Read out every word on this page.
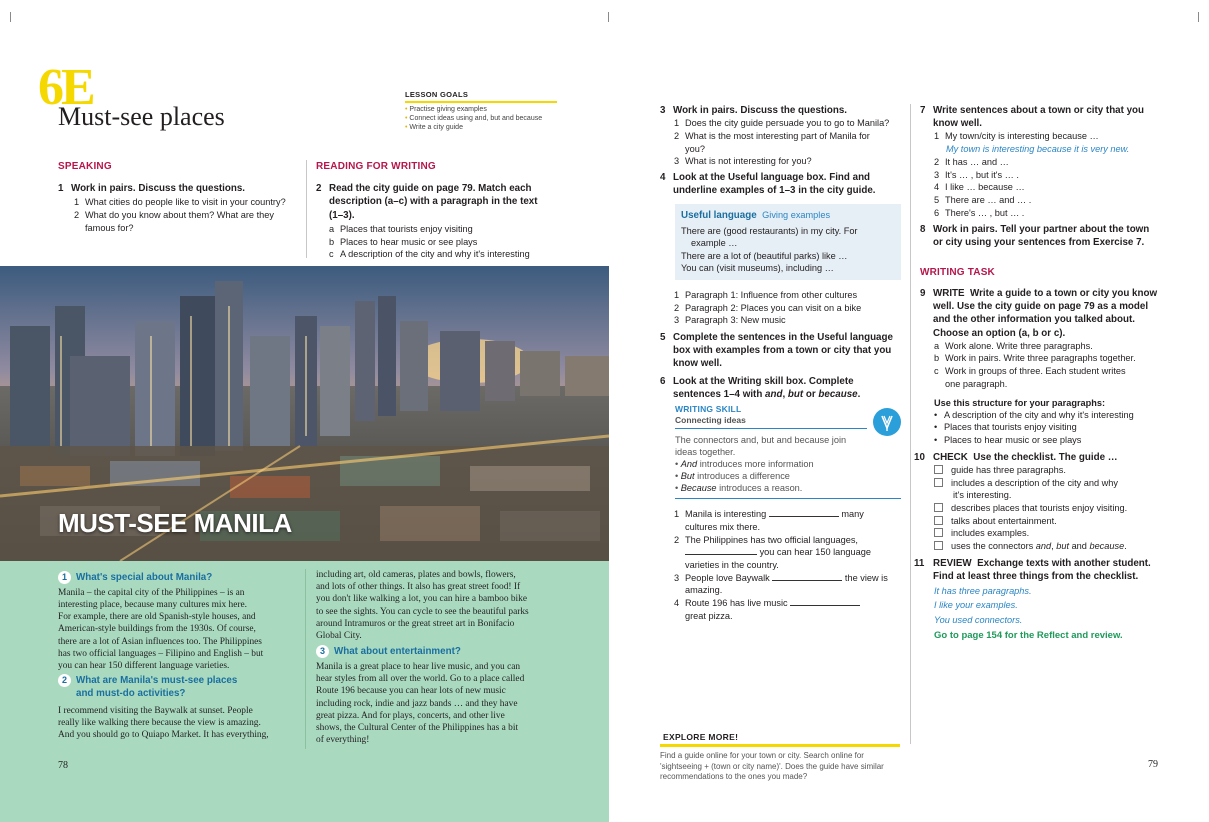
6E
Must-see places
LESSON GOALS
• Practise giving examples
• Connect ideas using and, but and because
• Write a city guide
SPEAKING
1 Work in pairs. Discuss the questions.
1 What cities do people like to visit in your country?
2 What do you know about them? What are they
famous for?
READING FOR WRITING
2 Read the city guide on page 79. Match each
description (a–c) with a paragraph in the text
(1–3).
a Places that tourists enjoy visiting
b Places to hear music or see plays
c A description of the city and why it's interesting
MUST-SEE MANILA
1 What's special about Manila?
Manila – the capital city of the Philippines – is an
interesting place, because many cultures mix here.
For example, there are old Spanish-style houses, and
American-style buildings from the 1930s. Of course,
there are a lot of Asian influences too. The Philippines
has two official languages – Filipino and English – but
you can hear 150 different language varieties.
2 What are Manila's must-see places
and must-do activities?
I recommend visiting the Baywalk at sunset. People
really like walking there because the view is amazing.
And you should go to Quiapo Market. It has everything,
including art, old cameras, plates and bowls, flowers,
and lots of other things. It also has great street food! If
you don't like walking a lot, you can hire a bamboo bike
to see the sights. You can cycle to see the beautiful parks
around Intramuros or the great street art in Bonifacio
Global City.
3 What about entertainment?
Manila is a great place to hear live music, and you can
hear styles from all over the world. Go to a place called
Route 196 because you can hear lots of new music
including rock, indie and jazz bands … and they have
great pizza. And for plays, concerts, and other live
shows, the Cultural Center of the Philippines has a bit
of everything!
78
3 Work in pairs. Discuss the questions.
1 Does the city guide persuade you to go to Manila?
2 What is the most interesting part of Manila for
you?
3 What is not interesting for you?
4 Look at the Useful language box. Find and
underline examples of 1–3 in the city guide.
Useful language Giving examples
There are (good restaurants) in my city. For
example …
There are a lot of (beautiful parks) like …
You can (visit museums), including …
1 Paragraph 1: Influence from other cultures
2 Paragraph 2: Places you can visit on a bike
3 Paragraph 3: New music
5 Complete the sentences in the Useful language
box with examples from a town or city that you
know well.
6 Look at the Writing skill box. Complete
sentences 1–4 with and, but or because.
WRITING SKILL
Connecting ideas
The connectors and, but and because join
ideas together.
• And introduces more information
• But introduces a difference
• Because introduces a reason.
1 Manila is interesting	many
cultures mix there.
2 The Philippines has two official languages,
you can hear 150 language
varieties in the country.
3 People love Baywalk	the view is
amazing.
4 Route 196 has live music
great pizza.
7 Write sentences about a town or city that you
know well.
1 My town/city is interesting because …
My town is interesting because it is very new.
2 It has … and …
3 It's … , but it's … .
4 I like … because …
5 There are … and … .
6 There's … , but … .
8 Work in pairs. Tell your partner about the town
or city using your sentences from Exercise 7.
WRITING TASK
9 WRITE Write a guide to a town or city you know
well. Use the city guide on page 79 as a model
and the other information you talked about.
Choose an option (a, b or c).
a Work alone. Write three paragraphs.
b Work in pairs. Write three paragraphs together.
c Work in groups of three. Each student writes
one paragraph.
Use this structure for your paragraphs:
• A description of the city and why it's interesting
• Places that tourists enjoy visiting
• Places to hear music or see plays
10 CHECK Use the checklist. The guide …
guide has three paragraphs.
includes a description of the city and why
it's interesting.
describes places that tourists enjoy visiting.
talks about entertainment.
includes examples.
uses the connectors and, but and because.
11 REVIEW Exchange texts with another student.
Find at least three things from the checklist.
It has three paragraphs.
I like your examples.
You used connectors.
Go to page 154 for the Reflect and review.
EXPLORE MORE!
Find a guide online for your town or city. Search online for
'sightseeing + (town or city name)'. Does the guide have similar
recommendations to the ones you made?
79
